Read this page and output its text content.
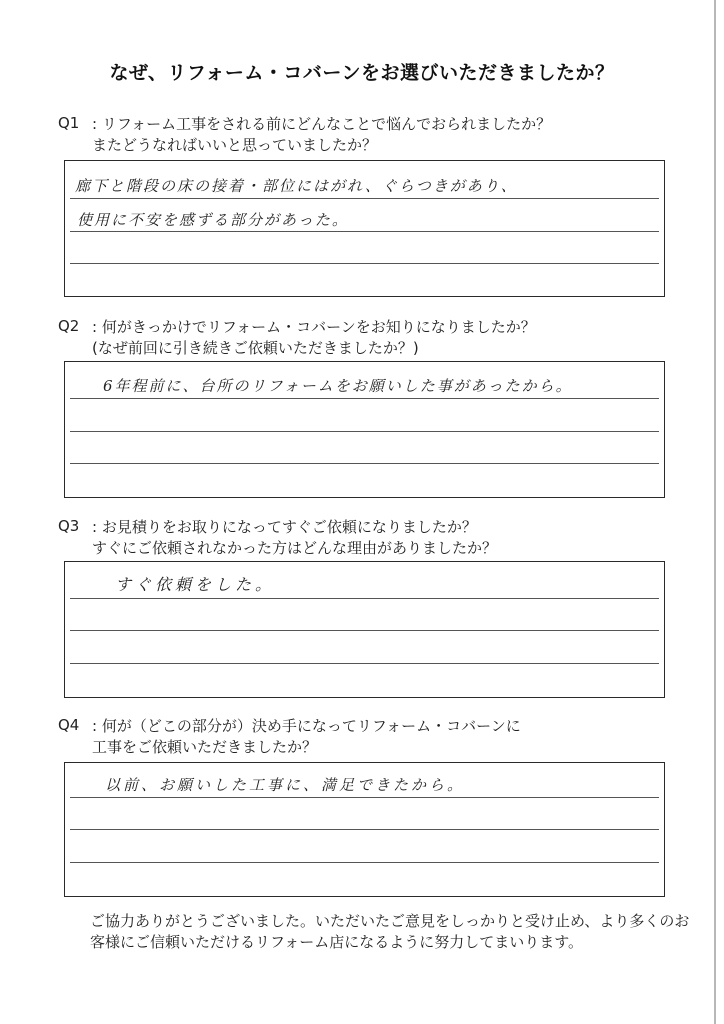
なぜ、リフォーム・コバーンをお選びいただきましたか？
Q1 : リフォーム工事をされる前にどんなことで悩んでおられましたか？
またどうなればいいと思っていましたか？
廊下と階段の床の接着・部位にはがれ、ぐらつきがあり、
使用に不安を感ずる部分があった。
Q2 : 何がきっかけでリフォーム・コバーンをお知りになりましたか？
(なぜ前回に引き続きご依頼いただきましたか？)
6年程前に、台所のリフォームをお願いした事があったから。
Q3 : お見積りをお取りになってすぐご依頼になりましたか？
すぐにご依頼されなかった方はどんな理由がありましたか？
すぐ依頼をした。
Q4 : 何が（どこの部分が）決め手になってリフォーム・コバーンに
工事をご依頼いただきましたか？
以前、お願いした工事に、満足できたから。
ご協力ありがとうございました。いただいたご意見をしっかりと受け止め、より多くのお客様にご信頼いただけるリフォーム店になるように努力してまいります。
